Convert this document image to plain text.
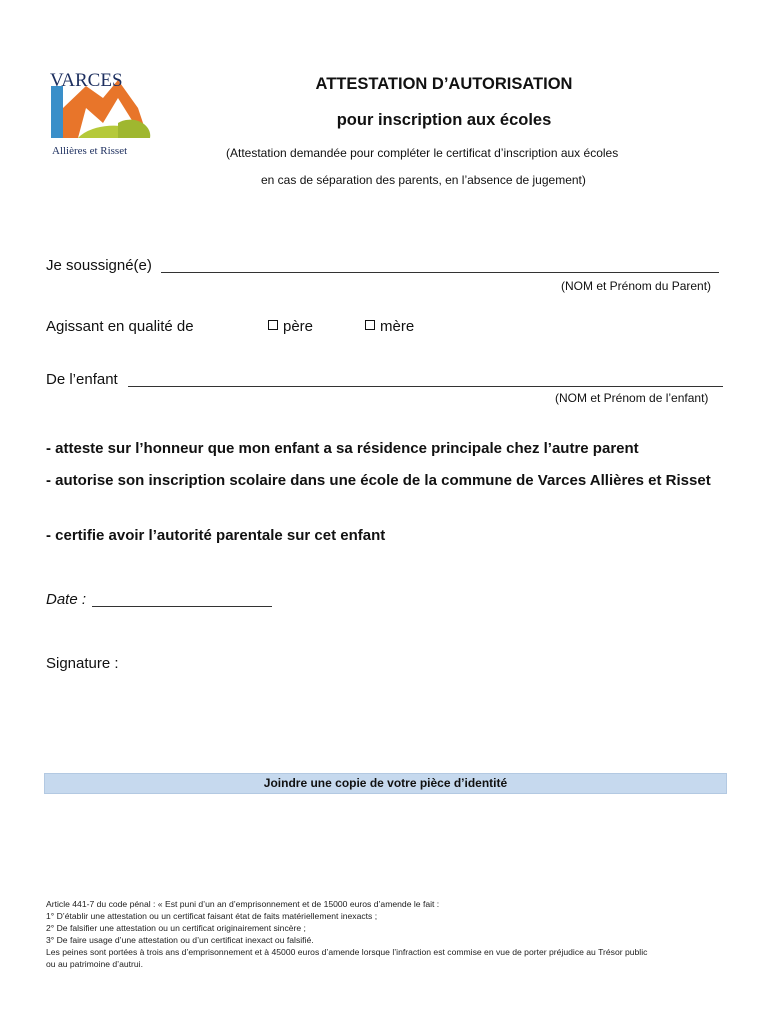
VARCES
Allières et Risset
ATTESTATION D’AUTORISATION
pour inscription aux écoles
(Attestation demandée pour compléter le certificat d’inscription aux écoles
en cas de séparation des parents, en l’absence de jugement)
Je soussigné(e)
(NOM et Prénom du Parent)
Agissant en qualité de	père	mère
De l’enfant
(NOM et Prénom de l’enfant)
- atteste sur l’honneur que mon enfant a sa résidence principale chez l’autre parent
- autorise son inscription scolaire dans une école de la commune de Varces Allières et Risset
- certifie avoir l’autorité parentale sur cet enfant
Date :
Signature :
Joindre une copie de votre pièce d’identité
Article 441-7 du code pénal : « Est puni d’un an d’emprisonnement et de 15000 euros d’amende le fait :
1° D’établir une attestation ou un certificat faisant état de faits matériellement inexacts ;
2° De falsifier une attestation ou un certificat originairement sincère ;
3° De faire usage d’une attestation ou d’un certificat inexact ou falsifié.
Les peines sont portées à trois ans d’emprisonnement et à 45000 euros d’amende lorsque l’infraction est commise en vue de porter préjudice au Trésor public
ou au patrimoine d’autrui.
